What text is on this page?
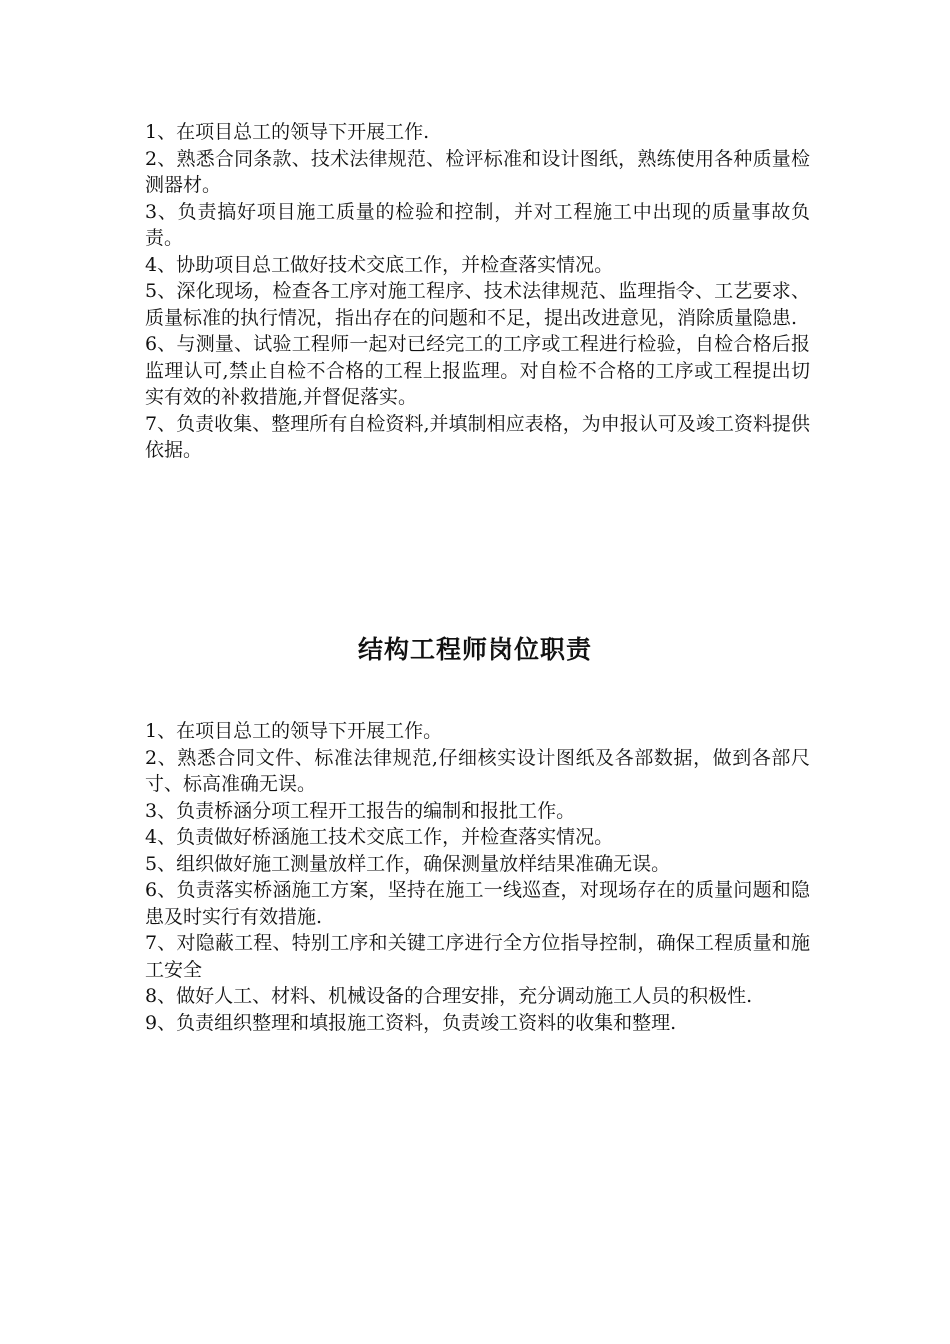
1、在项目总工的领导下开展工作.

2、熟悉合同条款、技术法律规范、检评标准和设计图纸，熟练使用各种质量检测器材。

3、负责搞好项目施工质量的检验和控制，并对工程施工中出现的质量事故负责。

4、协助项目总工做好技术交底工作，并检查落实情况。

5、深化现场，检查各工序对施工程序、技术法律规范、监理指令、工艺要求、质量标准的执行情况，指出存在的问题和不足，提出改进意见，消除质量隐患.

6、与测量、试验工程师一起对已经完工的工序或工程进行检验，自检合格后报监理认可,禁止自检不合格的工程上报监理。对自检不合格的工序或工程提出切实有效的补救措施,并督促落实。

7、负责收集、整理所有自检资料,并填制相应表格，为申报认可及竣工资料提供依据。

结构工程师岗位职责

1、在项目总工的领导下开展工作。

2、熟悉合同文件、标准法律规范,仔细核实设计图纸及各部数据，做到各部尺寸、标高准确无误。

3、负责桥涵分项工程开工报告的编制和报批工作。

4、负责做好桥涵施工技术交底工作，并检查落实情况。

5、组织做好施工测量放样工作，确保测量放样结果准确无误。

6、负责落实桥涵施工方案，坚持在施工一线巡查，对现场存在的质量问题和隐患及时实行有效措施.

7、对隐蔽工程、特别工序和关键工序进行全方位指导控制，确保工程质量和施工安全

8、做好人工、材料、机械设备的合理安排，充分调动施工人员的积极性.

9、负责组织整理和填报施工资料，负责竣工资料的收集和整理.
